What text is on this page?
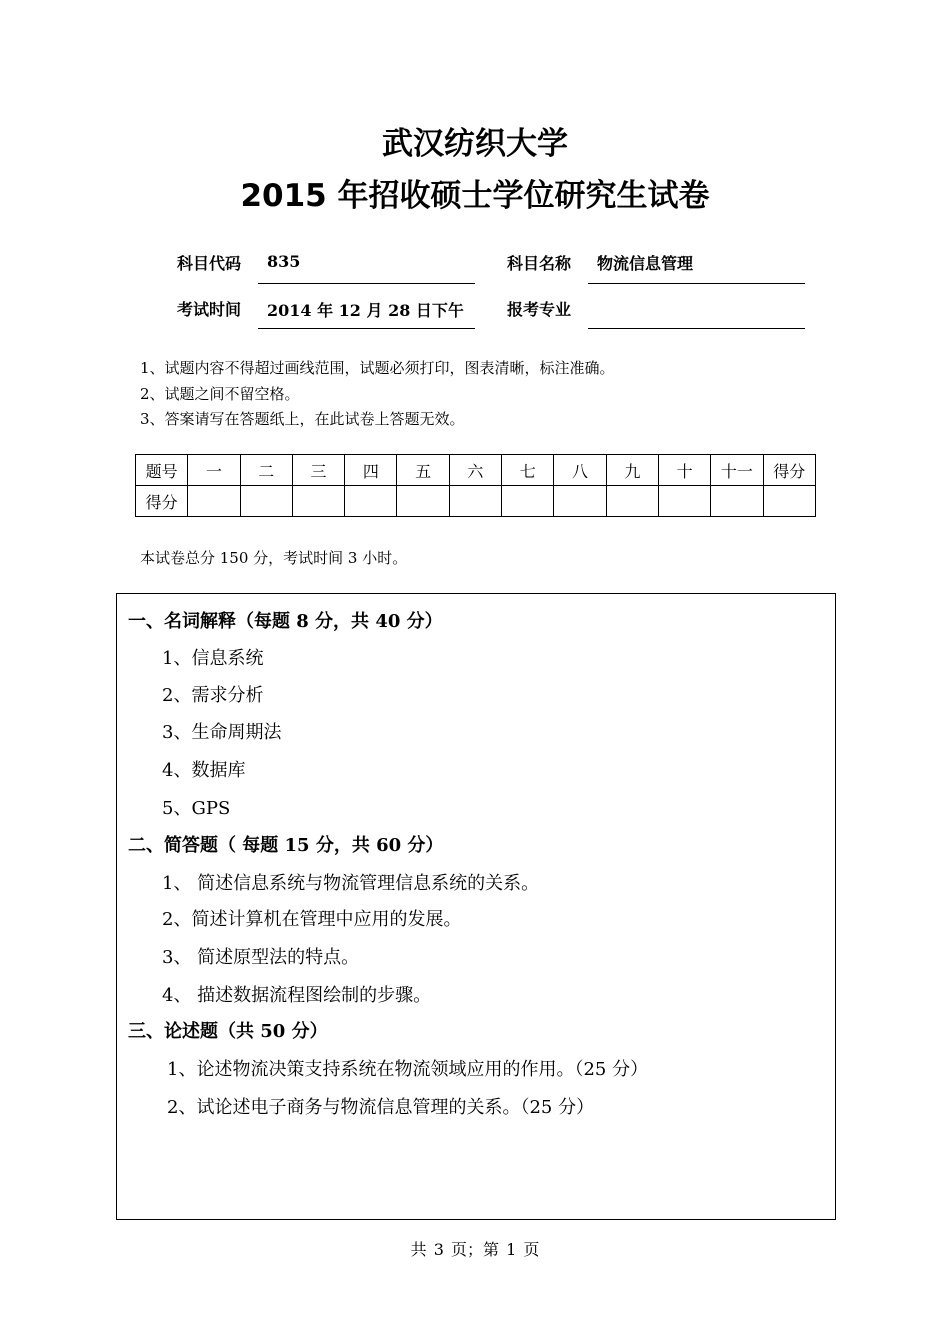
武汉纺织大学
2015 年招收硕士学位研究生试卷
科目代码 835	科目名称 物流信息管理
考试时间 2014 年 12 月 28 日下午	报考专业
1、试题内容不得超过画线范围，试题必须打印，图表清晰，标注准确。
2、试题之间不留空格。
3、答案请写在答题纸上，在此试卷上答题无效。
题号	一	二	三	四	五	六	七	八	九	十	十一	得分
得分												
本试卷总分 150 分，考试时间 3 小时。
一、名词解释（每题 8 分，共 40 分）
1、信息系统
2、需求分析
3、生命周期法
4、数据库
5、GPS
二、简答题（ 每题 15 分，共 60 分）
1、 简述信息系统与物流管理信息系统的关系。
2、简述计算机在管理中应用的发展。
3、 简述原型法的特点。
4、 描述数据流程图绘制的步骤。
三、论述题（共 50 分）
1、论述物流决策支持系统在物流领域应用的作用。（25 分）
2、试论述电子商务与物流信息管理的关系。（25 分）
共 3 页；第 1 页
